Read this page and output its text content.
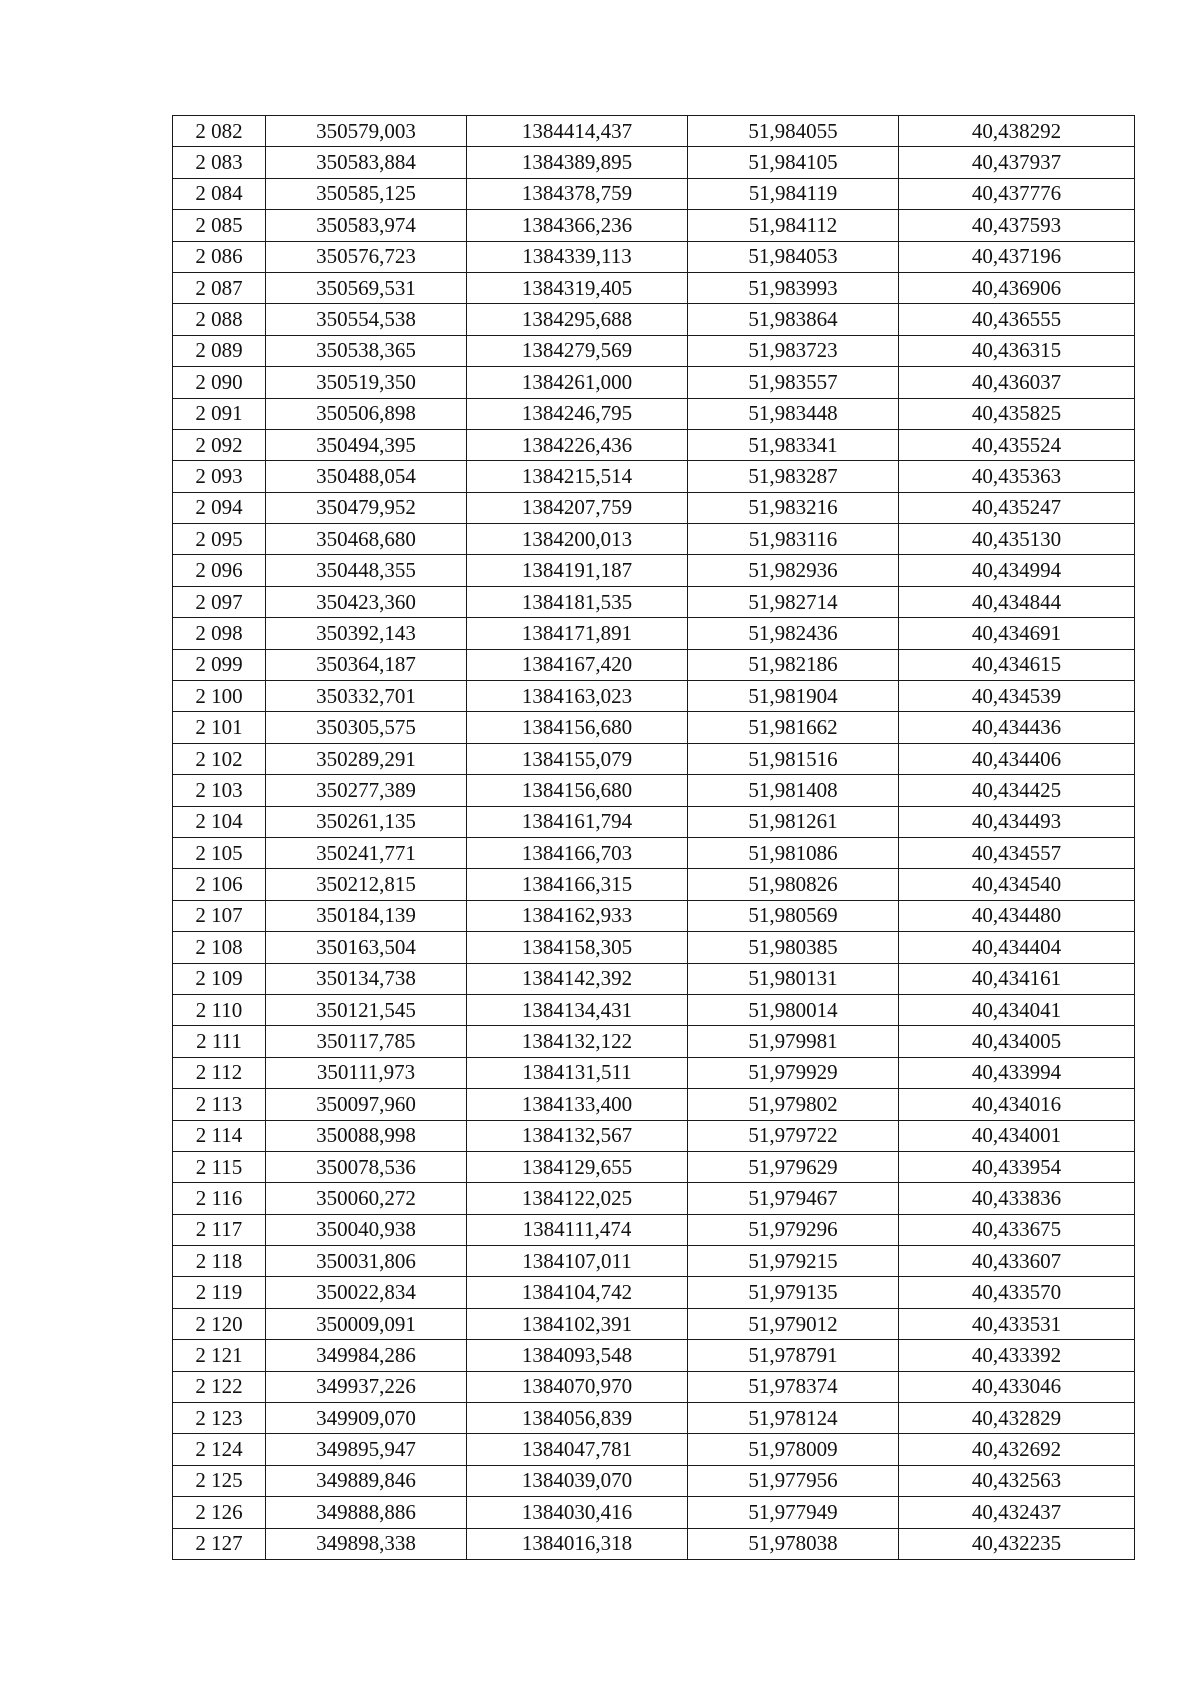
2 082	350579,003	1384414,437	51,984055	40,438292
2 083	350583,884	1384389,895	51,984105	40,437937
2 084	350585,125	1384378,759	51,984119	40,437776
2 085	350583,974	1384366,236	51,984112	40,437593
2 086	350576,723	1384339,113	51,984053	40,437196
2 087	350569,531	1384319,405	51,983993	40,436906
2 088	350554,538	1384295,688	51,983864	40,436555
2 089	350538,365	1384279,569	51,983723	40,436315
2 090	350519,350	1384261,000	51,983557	40,436037
2 091	350506,898	1384246,795	51,983448	40,435825
2 092	350494,395	1384226,436	51,983341	40,435524
2 093	350488,054	1384215,514	51,983287	40,435363
2 094	350479,952	1384207,759	51,983216	40,435247
2 095	350468,680	1384200,013	51,983116	40,435130
2 096	350448,355	1384191,187	51,982936	40,434994
2 097	350423,360	1384181,535	51,982714	40,434844
2 098	350392,143	1384171,891	51,982436	40,434691
2 099	350364,187	1384167,420	51,982186	40,434615
2 100	350332,701	1384163,023	51,981904	40,434539
2 101	350305,575	1384156,680	51,981662	40,434436
2 102	350289,291	1384155,079	51,981516	40,434406
2 103	350277,389	1384156,680	51,981408	40,434425
2 104	350261,135	1384161,794	51,981261	40,434493
2 105	350241,771	1384166,703	51,981086	40,434557
2 106	350212,815	1384166,315	51,980826	40,434540
2 107	350184,139	1384162,933	51,980569	40,434480
2 108	350163,504	1384158,305	51,980385	40,434404
2 109	350134,738	1384142,392	51,980131	40,434161
2 110	350121,545	1384134,431	51,980014	40,434041
2 111	350117,785	1384132,122	51,979981	40,434005
2 112	350111,973	1384131,511	51,979929	40,433994
2 113	350097,960	1384133,400	51,979802	40,434016
2 114	350088,998	1384132,567	51,979722	40,434001
2 115	350078,536	1384129,655	51,979629	40,433954
2 116	350060,272	1384122,025	51,979467	40,433836
2 117	350040,938	1384111,474	51,979296	40,433675
2 118	350031,806	1384107,011	51,979215	40,433607
2 119	350022,834	1384104,742	51,979135	40,433570
2 120	350009,091	1384102,391	51,979012	40,433531
2 121	349984,286	1384093,548	51,978791	40,433392
2 122	349937,226	1384070,970	51,978374	40,433046
2 123	349909,070	1384056,839	51,978124	40,432829
2 124	349895,947	1384047,781	51,978009	40,432692
2 125	349889,846	1384039,070	51,977956	40,432563
2 126	349888,886	1384030,416	51,977949	40,432437
2 127	349898,338	1384016,318	51,978038	40,432235
